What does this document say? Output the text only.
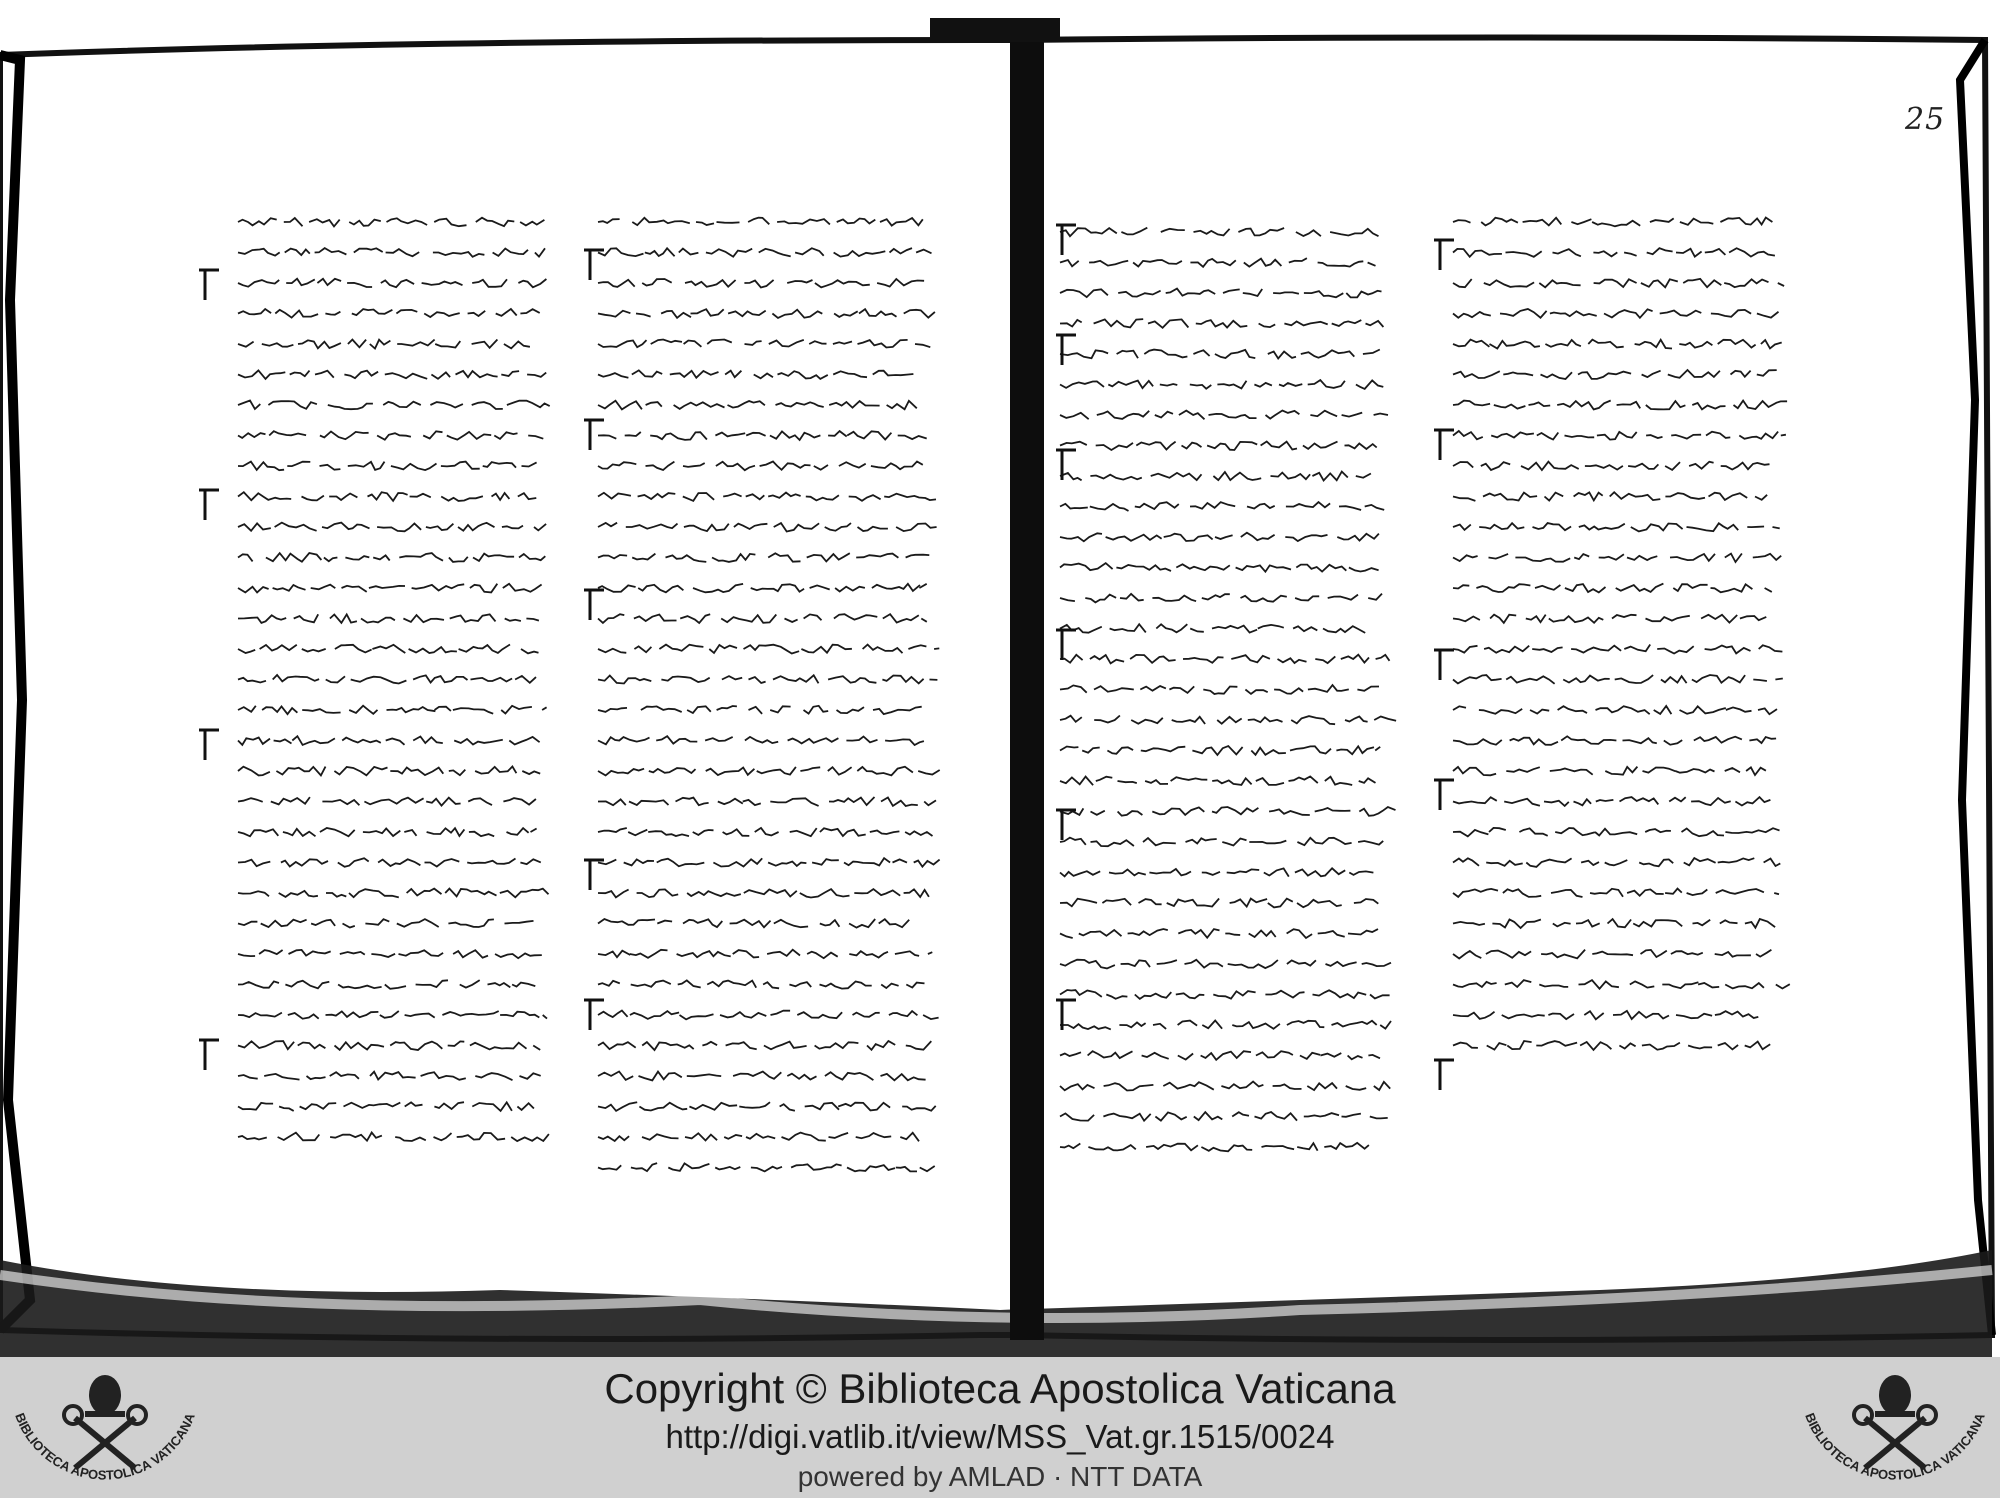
25
BIBLIOTECA APOSTOLICA VATICANA
Copyright © Biblioteca Apostolica Vaticana
http://digi.vatlib.it/view/MSS_Vat.gr.1515/0024
powered by AMLAD · NTT DATA
BIBLIOTECA APOSTOLICA VATICANA
